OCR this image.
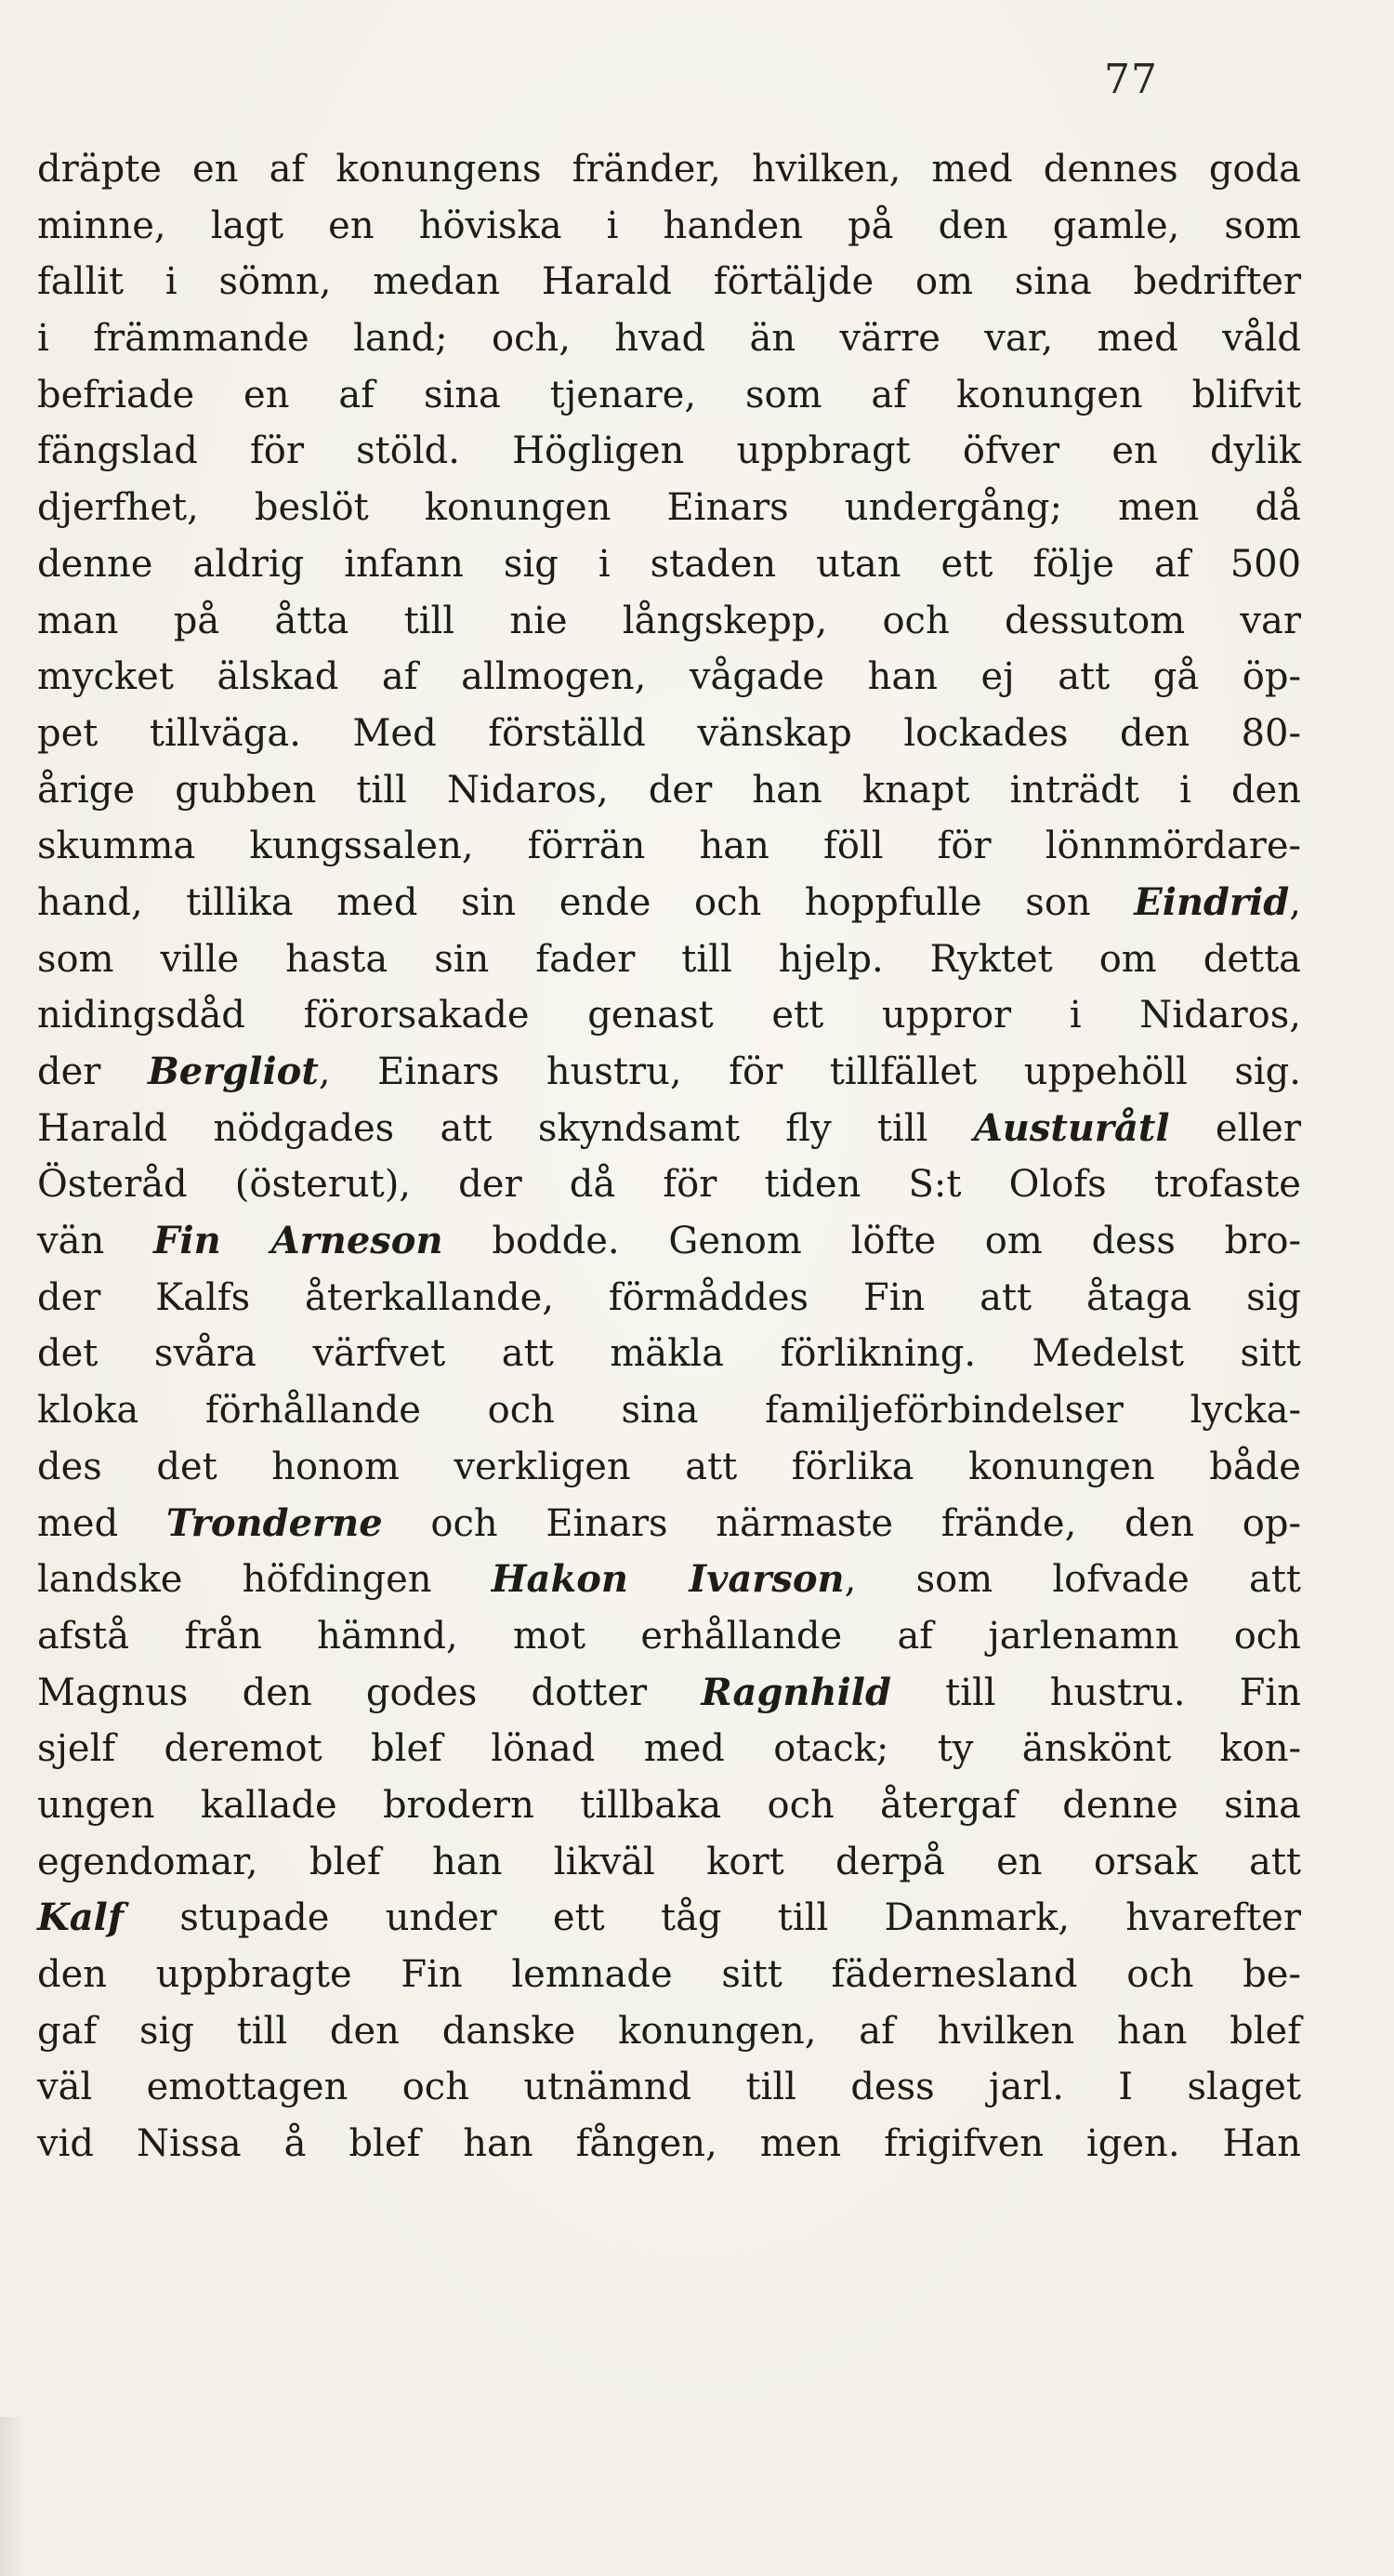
77
dräpte en af konungens fränder, hvilken, med dennes goda
minne, lagt en höviska i handen på den gamle, som
fallit i sömn, medan Harald förtäljde om sina bedrifter
i främmande land; och, hvad än värre var, med våld
befriade en af sina tjenare, som af konungen blifvit
fängslad för stöld. Högligen uppbragt öfver en dylik
djerfhet, beslöt konungen Einars undergång; men då
denne aldrig infann sig i staden utan ett följe af 500
man på åtta till nie långskepp, och dessutom var
mycket älskad af allmogen, vågade han ej att gå öp-
pet tillväga. Med förställd vänskap lockades den 80-
årige gubben till Nidaros, der han knapt inträdt i den
skumma kungssalen, förrän han föll för lönnmördare-
hand, tillika med sin ende och hoppfulle son Eindrid,
som ville hasta sin fader till hjelp. Ryktet om detta
nidingsdåd förorsakade genast ett uppror i Nidaros,
der Bergliot, Einars hustru, för tillfället uppehöll sig.
Harald nödgades att skyndsamt fly till Austuråtl eller
Österåd (österut), der då för tiden S:t Olofs trofaste
vän Fin Arneson bodde. Genom löfte om dess bro-
der Kalfs återkallande, förmåddes Fin att åtaga sig
det svåra värfvet att mäkla förlikning. Medelst sitt
kloka förhållande och sina familjeförbindelser lycka-
des det honom verkligen att förlika konungen både
med Tronderne och Einars närmaste frände, den op-
landske höfdingen Hakon Ivarson, som lofvade att
afstå från hämnd, mot erhållande af jarlenamn och
Magnus den godes dotter Ragnhild till hustru. Fin
sjelf deremot blef lönad med otack; ty änskönt kon-
ungen kallade brodern tillbaka och återgaf denne sina
egendomar, blef han likväl kort derpå en orsak att
Kalf stupade under ett tåg till Danmark, hvarefter
den uppbragte Fin lemnade sitt fädernesland och be-
gaf sig till den danske konungen, af hvilken han blef
väl emottagen och utnämnd till dess jarl. I slaget
vid Nissa å blef han fången, men frigifven igen. Han
